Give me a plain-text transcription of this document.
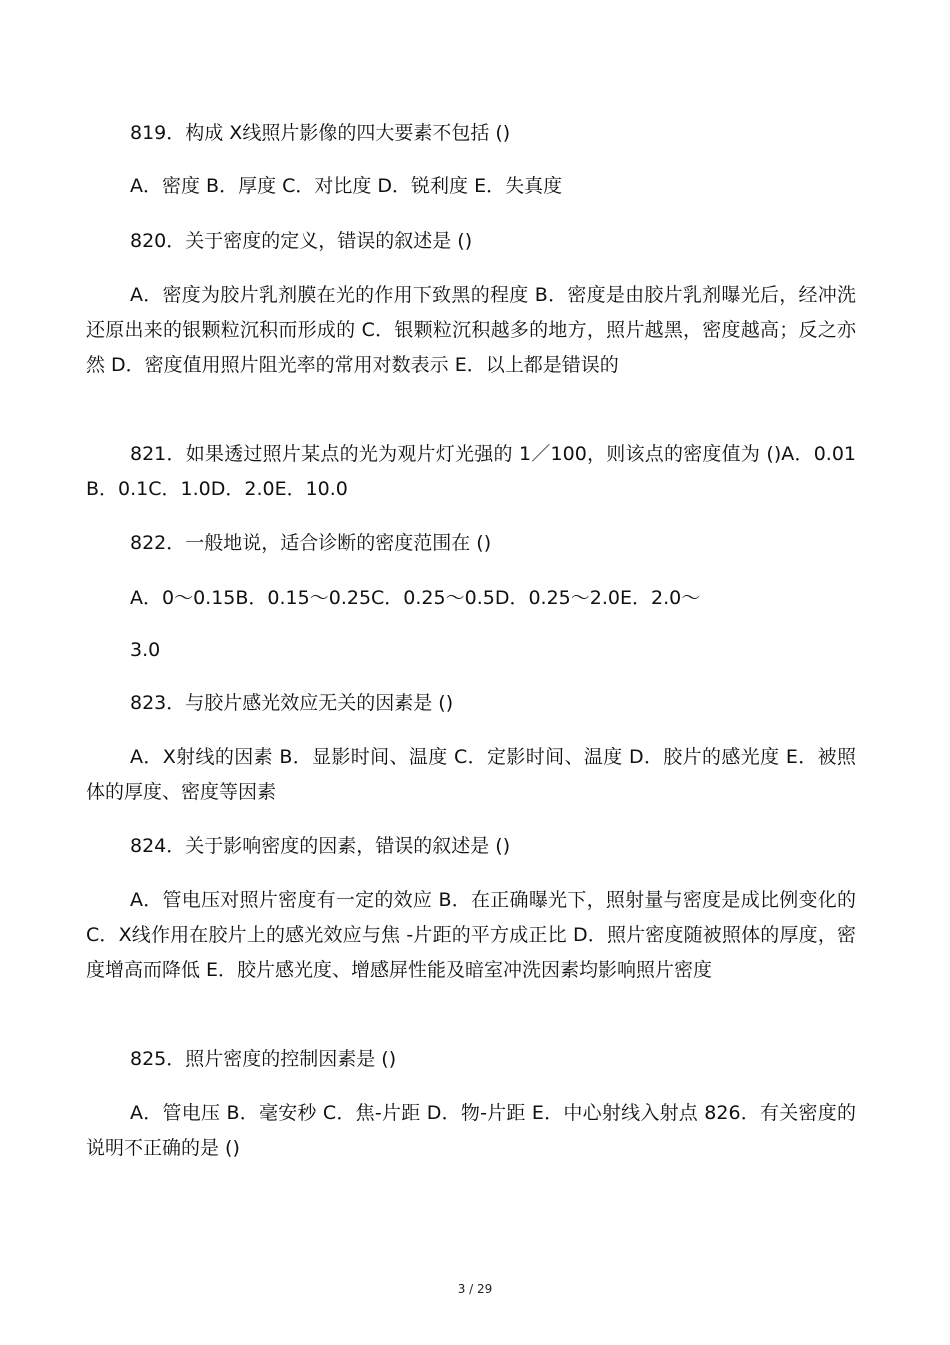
819．构成 X线照片影像的四大要素不包括 ()

A．密度 B．厚度 C．对比度 D．锐利度 E．失真度

820．关于密度的定义，错误的叙述是 ()

A．密度为胶片乳剂膜在光的作用下致黑的程度 B．密度是由胶片乳剂曝光后，经冲洗还原出来的银颗粒沉积而形成的 C．银颗粒沉积越多的地方，照片越黑，密度越高；反之亦然 D．密度值用照片阻光率的常用对数表示 E．以上都是错误的

821．如果透过照片某点的光为观片灯光强的 1／100，则该点的密度值为 ()A．0.01B．0.1C．1.0D．2.0E．10.0

822．一般地说，适合诊断的密度范围在 ()

A．0～0.15B．0.15～0.25C．0.25～0.5D．0.25～2.0E．2.0～

3.0

823．与胶片感光效应无关的因素是 ()

A．X射线的因素 B．显影时间、温度 C．定影时间、温度 D．胶片的感光度 E．被照体的厚度、密度等因素

824．关于影响密度的因素，错误的叙述是 ()

A．管电压对照片密度有一定的效应 B．在正确曝光下，照射量与密度是成比例变化的 C．X线作用在胶片上的感光效应与焦 -片距的平方成正比 D．照片密度随被照体的厚度，密度增高而降低 E．胶片感光度、增感屏性能及暗室冲洗因素均影响照片密度

825．照片密度的控制因素是 ()

A．管电压 B．毫安秒 C．焦-片距 D．物-片距 E．中心射线入射点 826．有关密度的说明不正确的是 ()

3 / 29
